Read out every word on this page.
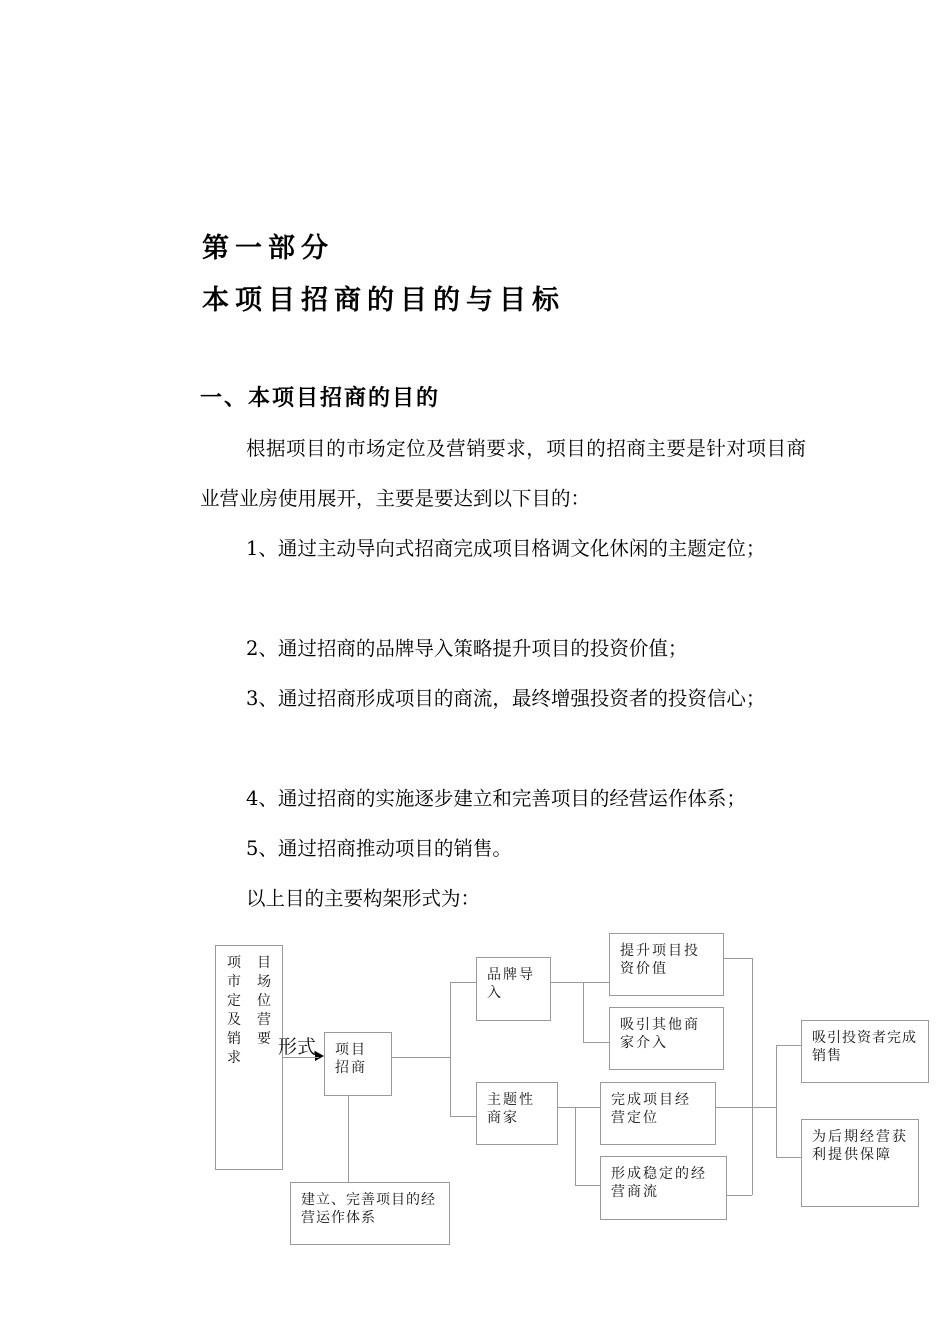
第一部分
本项目招商的目的与目标
一、本项目招商的目的
根据项目的市场定位及营销要求，项目的招商主要是针对项目商业营业房使用展开，主要是要达到以下目的：
1、通过主动导向式招商完成项目格调文化休闲的主题定位；
2、通过招商的品牌导入策略提升项目的投资价值；
3、通过招商形成项目的商流，最终增强投资者的投资信心；
4、通过招商的实施逐步建立和完善项目的经营运作体系；
5、通过招商推动项目的销售。
以上目的主要构架形式为：
项市定及销求
目场位营要 形式	项目招商
建立、完善项目的经营运作体系
品牌导入
主题性商家
提升项目投资价值
吸引其他商家介入
完成项目经营定位
形成稳定的经营商流
吸引投资者完成销售
为后期经营获利提供保障
